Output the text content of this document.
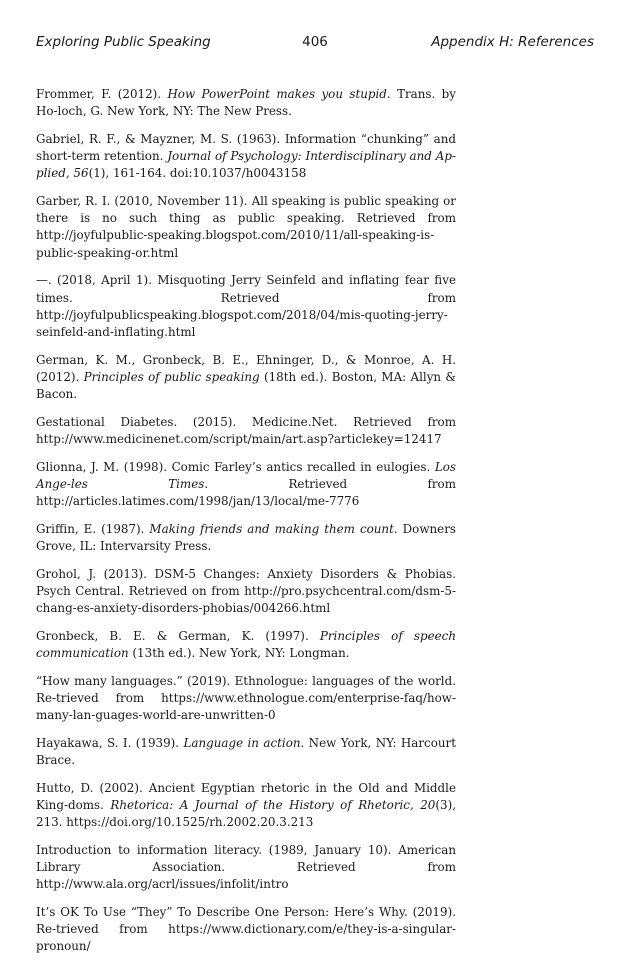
Exploring Public Speaking	406	Appendix H: References

Frommer, F. (2012). How PowerPoint makes you stupid. Trans. by Ho-loch, G. New York, NY: The New Press.

Gabriel, R. F., & Mayzner, M. S. (1963). Information “chunking” and short-term retention. Journal of Psychology: Interdisciplinary and Ap-plied, 56(1), 161-164. doi:10.1037/h0043158

Garber, R. I. (2010, November 11). All speaking is public speaking or there is no such thing as public speaking. Retrieved from http://joyfulpublic-speaking.blogspot.com/2010/11/all-speaking-is-public-speaking-or.html

—. (2018, April 1). Misquoting Jerry Seinfeld and inflating fear five times. Retrieved from http://joyfulpublicspeaking.blogspot.com/2018/04/mis-quoting-jerry-seinfeld-and-inflating.html

German, K. M., Gronbeck, B. E., Ehninger, D., & Monroe, A. H. (2012). Principles of public speaking (18th ed.). Boston, MA: Allyn & Bacon.

Gestational Diabetes. (2015). Medicine.Net. Retrieved from http://www.medicinenet.com/script/main/art.asp?articlekey=12417

Glionna, J. M. (1998). Comic Farley’s antics recalled in eulogies. Los Ange-les Times. Retrieved from http://articles.latimes.com/1998/jan/13/local/me-7776

Griffin, E. (1987). Making friends and making them count. Downers Grove, IL: Intervarsity Press.

Grohol, J. (2013). DSM-5 Changes: Anxiety Disorders & Phobias. Psych Central. Retrieved on from http://pro.psychcentral.com/dsm-5-chang-es-anxiety-disorders-phobias/004266.html

Gronbeck, B. E. & German, K. (1997). Principles of speech communication (13th ed.). New York, NY: Longman.

“How many languages.” (2019). Ethnologue: languages of the world. Re-trieved from https://www.ethnologue.com/enterprise-faq/how-many-lan-guages-world-are-unwritten-0

Hayakawa, S. I. (1939). Language in action. New York, NY: Harcourt Brace.

Hutto, D. (2002). Ancient Egyptian rhetoric in the Old and Middle King-doms. Rhetorica: A Journal of the History of Rhetoric, 20(3), 213. https://doi.org/10.1525/rh.2002.20.3.213

Introduction to information literacy. (1989, January 10). American Library Association. Retrieved from http://www.ala.org/acrl/issues/infolit/intro

It’s OK To Use “They” To Describe One Person: Here’s Why. (2019). Re-trieved from https://www.dictionary.com/e/they-is-a-singular-pronoun/
